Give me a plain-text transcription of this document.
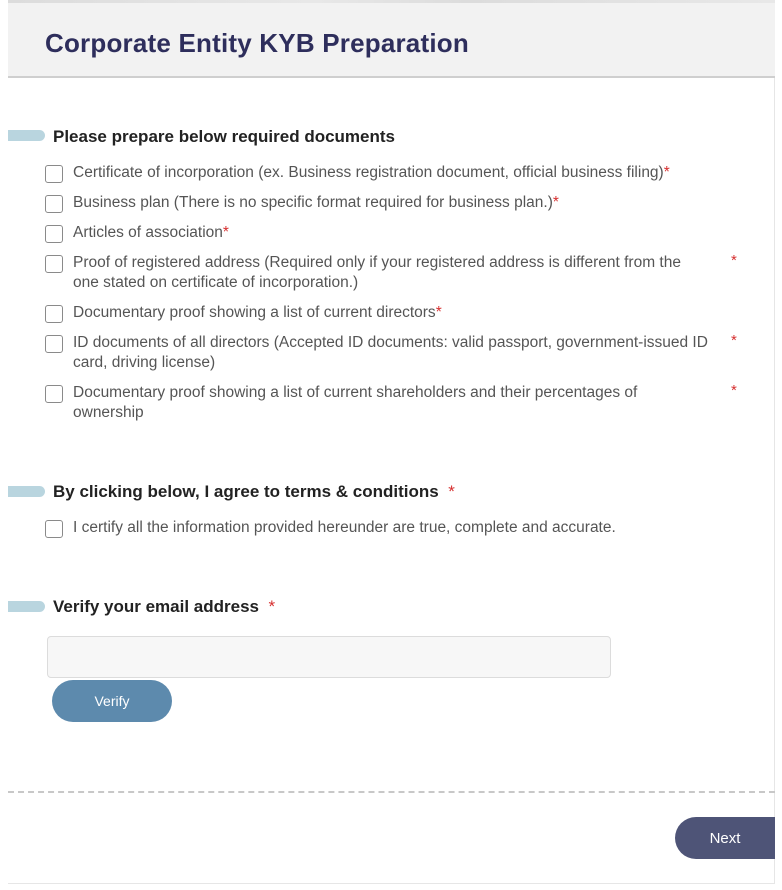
Corporate Entity KYB Preparation
Please prepare below required documents
Certificate of incorporation (ex. Business registration document, official business filing)*
Business plan (There is no specific format required for business plan.)*
Articles of association*
Proof of registered address (Required only if your registered address is different from the
one stated on certificate of incorporation.)
*
Documentary proof showing a list of current directors*
ID documents of all directors (Accepted ID documents: valid passport, government-issued ID
card, driving license)
*
Documentary proof showing a list of current shareholders and their percentages of
ownership
*
By clicking below, I agree to terms & conditions *
I certify all the information provided hereunder are true, complete and accurate.
Verify your email address *
Verify
Next
